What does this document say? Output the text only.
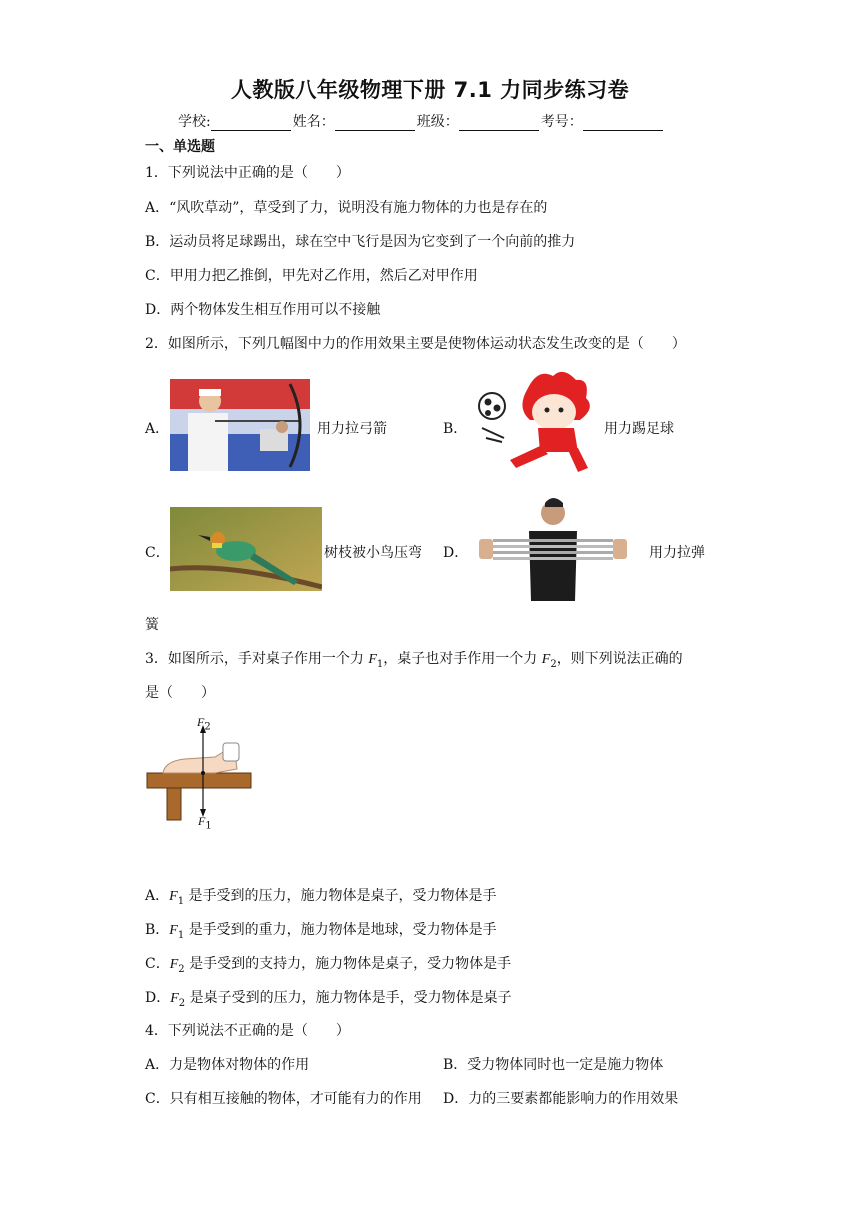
人教版八年级物理下册 7.1 力同步练习卷
学校:	姓名：	班级：	考号：
一、单选题
1．下列说法中正确的是（　　）
A．“风吹草动”，草受到了力，说明没有施力物体的力也是存在的
B．运动员将足球踢出，球在空中飞行是因为它变到了一个向前的推力
C．甲用力把乙推倒，甲先对乙作用，然后乙对甲作用
D．两个物体发生相互作用可以不接触
2．如图所示，下列几幅图中力的作用效果主要是使物体运动状态发生改变的是（　　）
A．	用力拉弓箭	B．	用力踢足球
C．	树枝被小鸟压弯 D．	用力拉弹
簧
3．如图所示，手对桌子作用一个力 $F_1$，桌子也对手作用一个力 $F_2$，则下列说法正确的
是（　　）
$F_2$
$F_1$
A．$F_1$ 是手受到的压力，施力物体是桌子，受力物体是手
B．$F_1$ 是手受到的重力，施力物体是地球，受力物体是手
C．$F_2$ 是手受到的支持力，施力物体是桌子，受力物体是手
D．$F_2$ 是桌子受到的压力，施力物体是手，受力物体是桌子
4．下列说法不正确的是（　　）
A．力是物体对物体的作用	B．受力物体同时也一定是施力物体
C．只有相互接触的物体，才可能有力的作用 D．力的三要素都能影响力的作用效果
